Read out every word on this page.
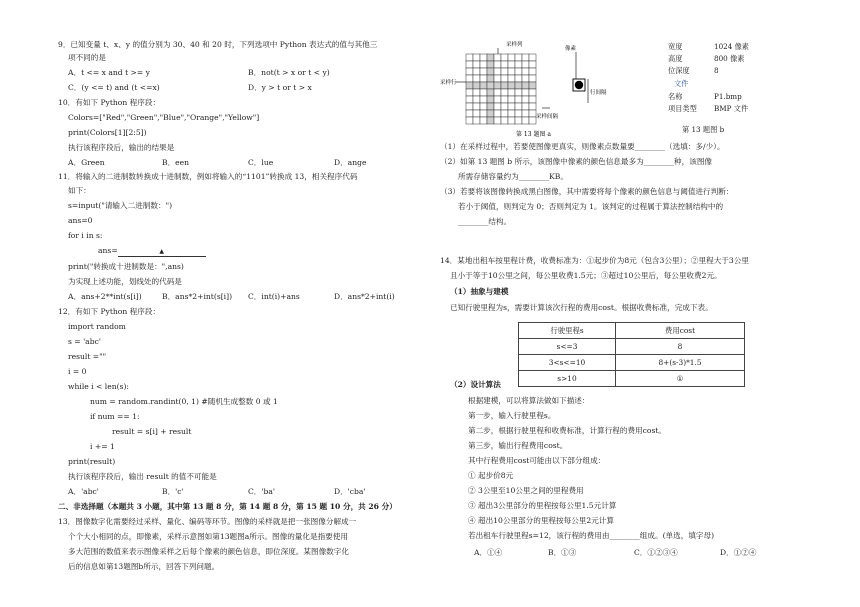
9．已知变量 t、x、y 的值分别为 30、40 和 20 时，下列选项中 Python 表达式的值与其他三
项不同的是
A．t <= x and t >= y	B．not(t > x or t < y)
C．(y <= t) and (t <=x)	D．y > t or t > x
10．有如下 Python 程序段：
Colors=["Red","Green","Blue","Orange","Yellow"]
print(Colors[1][2:5])
执行该程序段后，输出的结果是
A．Green	B．een	C．lue	D．ange
11．将输入的二进制数转换成十进制数，例如将输入的“1101”转换成 13，相关程序代码
如下：
s=input("请输入二进制数：")
ans=0
for i in s:
ans=	▲
print("转换成十进制数是：",ans)
为实现上述功能，划线处的代码是
A．ans+2**int(s[i])	B．ans*2+int(s[i]) C．int(i)+ans	D．ans*2+int(i)
12．有如下 Python 程序段：
import random
s = 'abc'
result =""
i = 0
while i < len(s):
num = random.randint(0, 1) #随机生成整数 0 或 1
if num == 1:
result = s[i] + result
i += 1
print(result)
执行该程序段后，输出 result 的值不可能是
A．'abc'	B．'c'	C．'ba'	D．'cba'
二、非选择题（本题共 3 小题，其中第 13 题 8 分，第 14 题 8 分，第 15 题 10 分，共 26 分）
13．图像数字化需要经过采样、量化、编码等环节。图像的采样就是把一张图像分解成一
个个大小相同的点，即像素，采样示意图如第13题图a所示。图像的量化是指要使用
多大范围的数值来表示图像采样之后每个像素的颜色信息，即位深度。某图像数字化
后的信息如第13题图b所示，回答下列问题。
采样列
采样行
像素
行间隔
采样间隔
第 13 题图 a
宽度	1024 像素
高度	800 像素
位深度	8
文件
名称	P1.bmp
项目类型 BMP 文件
第 13 题图 b
（1）在采样过程中，若要使图像更真实，则像素点数量要________（选填：多/少）。
（2）如第 13 题图 b 所示，该图像中像素的颜色信息最多为________种，该图像
所需存储容量约为________KB。
（3）若要将该图像转换成黑白图像，其中需要将每个像素的颜色信息与阈值进行判断：
若小于阈值，则判定为 0；否则判定为 1。该判定的过程属于算法控制结构中的
________结构。
14．某地出租车按里程计费，收费标准为：①起步价为8元（包含3公里）；②里程大于3公里
且小于等于10公里之间，每公里收费1.5元；③超过10公里后，每公里收费2元。
（1）抽象与建模
已知行驶里程为s，需要计算该次行程的费用cost。根据收费标准，完成下表。
（2）设计算法
根据建模，可以将算法做如下描述：
第一步，输入行驶里程s。
第二步，根据行驶里程和收费标准，计算行程的费用cost。
第三步，输出行程费用cost。
其中行程费用cost可能由以下部分组成：
① 起步价8元
② 3公里至10公里之间的里程费用
③ 超出3公里部分的里程按每公里1.5元计算
④ 超出10公里部分的里程按每公里2元计算
若出租车行驶里程s=12，该行程的费用由________组成。(单选，填字母)
A．①④	B．①③	C．①②③④	D．①②④
行驶里程s	费用cost
s<=3	8
3<s<=10	8+(s-3)*1.5
s>10	①
